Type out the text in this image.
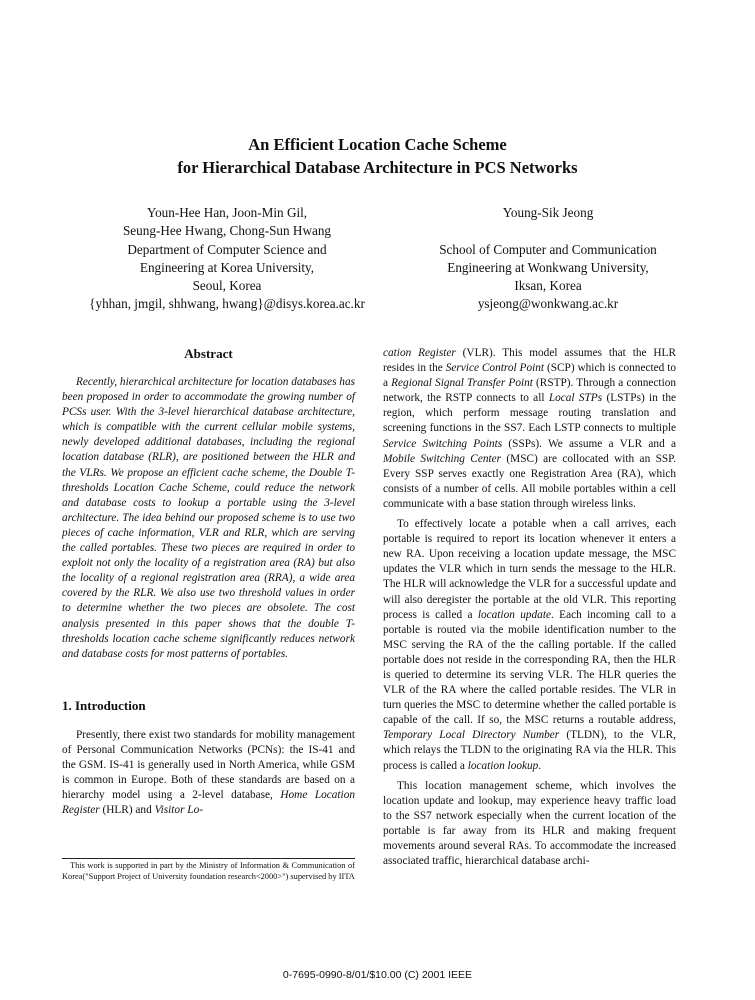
An Efficient Location Cache Scheme
for Hierarchical Database Architecture in PCS Networks
Youn-Hee Han, Joon-Min Gil,
Seung-Hee Hwang, Chong-Sun Hwang
Department of Computer Science and
Engineering at Korea University,
Seoul, Korea
{yhhan, jmgil, shhwang, hwang}@disys.korea.ac.kr
Young-Sik Jeong

School of Computer and Communication
Engineering at Wonkwang University,
Iksan, Korea
ysjeong@wonkwang.ac.kr
Abstract

Recently, hierarchical architecture for location databases has been proposed in order to accommodate the growing number of PCSs user. With the 3-level hierarchical database architecture, which is compatible with the current cellular mobile systems, newly developed additional databases, including the regional location database (RLR), are positioned between the HLR and the VLRs. We propose an efficient cache scheme, the Double T-thresholds Location Cache Scheme, could reduce the network and database costs to lookup a portable using the 3-level architecture. The idea behind our proposed scheme is to use two pieces of cache information, VLR and RLR, which are serving the called portables. These two pieces are required in order to exploit not only the locality of a registration area (RA) but also the locality of a regional registration area (RRA), a wide area covered by the RLR. We also use two threshold values in order to determine whether the two pieces are obsolete. The cost analysis presented in this paper shows that the double T-thresholds location cache scheme significantly reduces network and database costs for most patterns of portables.

1. Introduction

Presently, there exist two standards for mobility management of Personal Communication Networks (PCNs): the IS-41 and the GSM. IS-41 is generally used in North America, while GSM is common in Europe. Both of these standards are based on a hierarchy model using a 2-level database, Home Location Register (HLR) and Visitor Lo-

This work is supported in part by the Ministry of Information & Communication of Korea("Support Project of University foundation research<2000>") supervised by IITA

cation Register (VLR). This model assumes that the HLR resides in the Service Control Point (SCP) which is connected to a Regional Signal Transfer Point (RSTP). Through a connection network, the RSTP connects to all Local STPs (LSTPs) in the region, which perform message routing translation and screening functions in the SS7. Each LSTP connects to multiple Service Switching Points (SSPs). We assume a VLR and a Mobile Switching Center (MSC) are collocated with an SSP. Every SSP serves exactly one Registration Area (RA), which consists of a number of cells. All mobile portables within a cell communicate with a base station through wireless links.

To effectively locate a potable when a call arrives, each portable is required to report its location whenever it enters a new RA. Upon receiving a location update message, the MSC updates the VLR which in turn sends the message to the HLR. The HLR will acknowledge the VLR for a successful update and will also deregister the portable at the old VLR. This reporting process is called a location update. Each incoming call to a portable is routed via the mobile identification number to the MSC serving the RA of the the calling portable. If the called portable does not reside in the corresponding RA, then the HLR is queried to determine its serving VLR. The HLR queries the VLR of the RA where the called portable resides. The VLR in turn queries the MSC to determine whether the called portable is capable of the call. If so, the MSC returns a routable address, Temporary Local Directory Number (TLDN), to the VLR, which relays the TLDN to the originating RA via the HLR. This process is called a location lookup.

This location management scheme, which involves the location update and lookup, may experience heavy traffic load to the SS7 network especially when the current location of the portable is far away from its HLR and making frequent movements around several RAs. To accommodate the increased associated traffic, hierarchical database archi-

0-7695-0990-8/01/$10.00 (C) 2001 IEEE
